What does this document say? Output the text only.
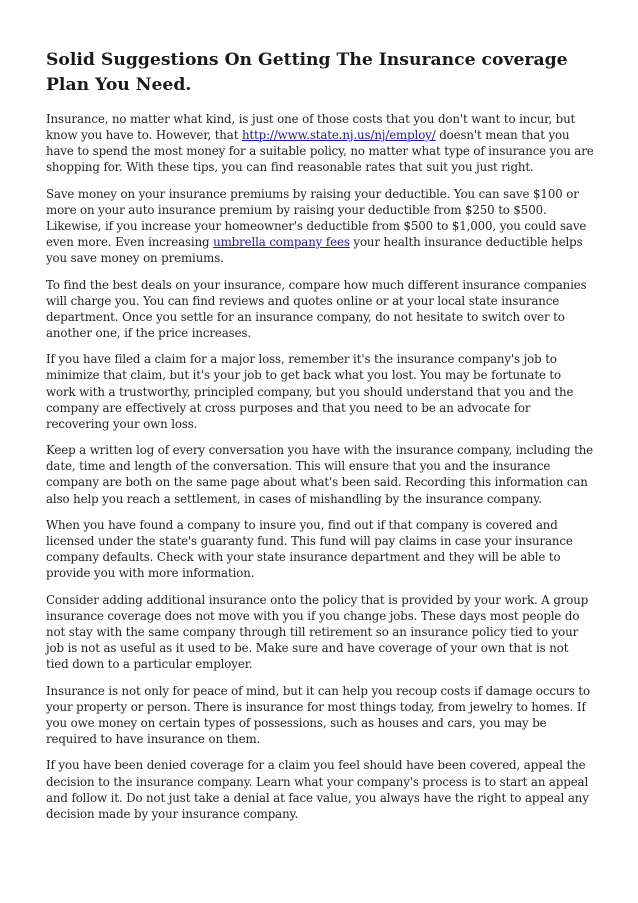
Solid Suggestions On Getting The Insurance coverage Plan You Need.

Insurance, no matter what kind, is just one of those costs that you don't want to incur, but know you have to. However, that http://www.state.nj.us/nj/employ/ doesn't mean that you have to spend the most money for a suitable policy, no matter what type of insurance you are shopping for. With these tips, you can find reasonable rates that suit you just right.

Save money on your insurance premiums by raising your deductible. You can save $100 or more on your auto insurance premium by raising your deductible from $250 to $500. Likewise, if you increase your homeowner's deductible from $500 to $1,000, you could save even more. Even increasing umbrella company fees your health insurance deductible helps you save money on premiums.

To find the best deals on your insurance, compare how much different insurance companies will charge you. You can find reviews and quotes online or at your local state insurance department. Once you settle for an insurance company, do not hesitate to switch over to another one, if the price increases.

If you have filed a claim for a major loss, remember it's the insurance company's job to minimize that claim, but it's your job to get back what you lost. You may be fortunate to work with a trustworthy, principled company, but you should understand that you and the company are effectively at cross purposes and that you need to be an advocate for recovering your own loss.

Keep a written log of every conversation you have with the insurance company, including the date, time and length of the conversation. This will ensure that you and the insurance company are both on the same page about what's been said. Recording this information can also help you reach a settlement, in cases of mishandling by the insurance company.

When you have found a company to insure you, find out if that company is covered and licensed under the state's guaranty fund. This fund will pay claims in case your insurance company defaults. Check with your state insurance department and they will be able to provide you with more information.

Consider adding additional insurance onto the policy that is provided by your work. A group insurance coverage does not move with you if you change jobs. These days most people do not stay with the same company through till retirement so an insurance policy tied to your job is not as useful as it used to be. Make sure and have coverage of your own that is not tied down to a particular employer.

Insurance is not only for peace of mind, but it can help you recoup costs if damage occurs to your property or person. There is insurance for most things today, from jewelry to homes. If you owe money on certain types of possessions, such as houses and cars, you may be required to have insurance on them.

If you have been denied coverage for a claim you feel should have been covered, appeal the decision to the insurance company. Learn what your company's process is to start an appeal and follow it. Do not just take a denial at face value, you always have the right to appeal any decision made by your insurance company.
